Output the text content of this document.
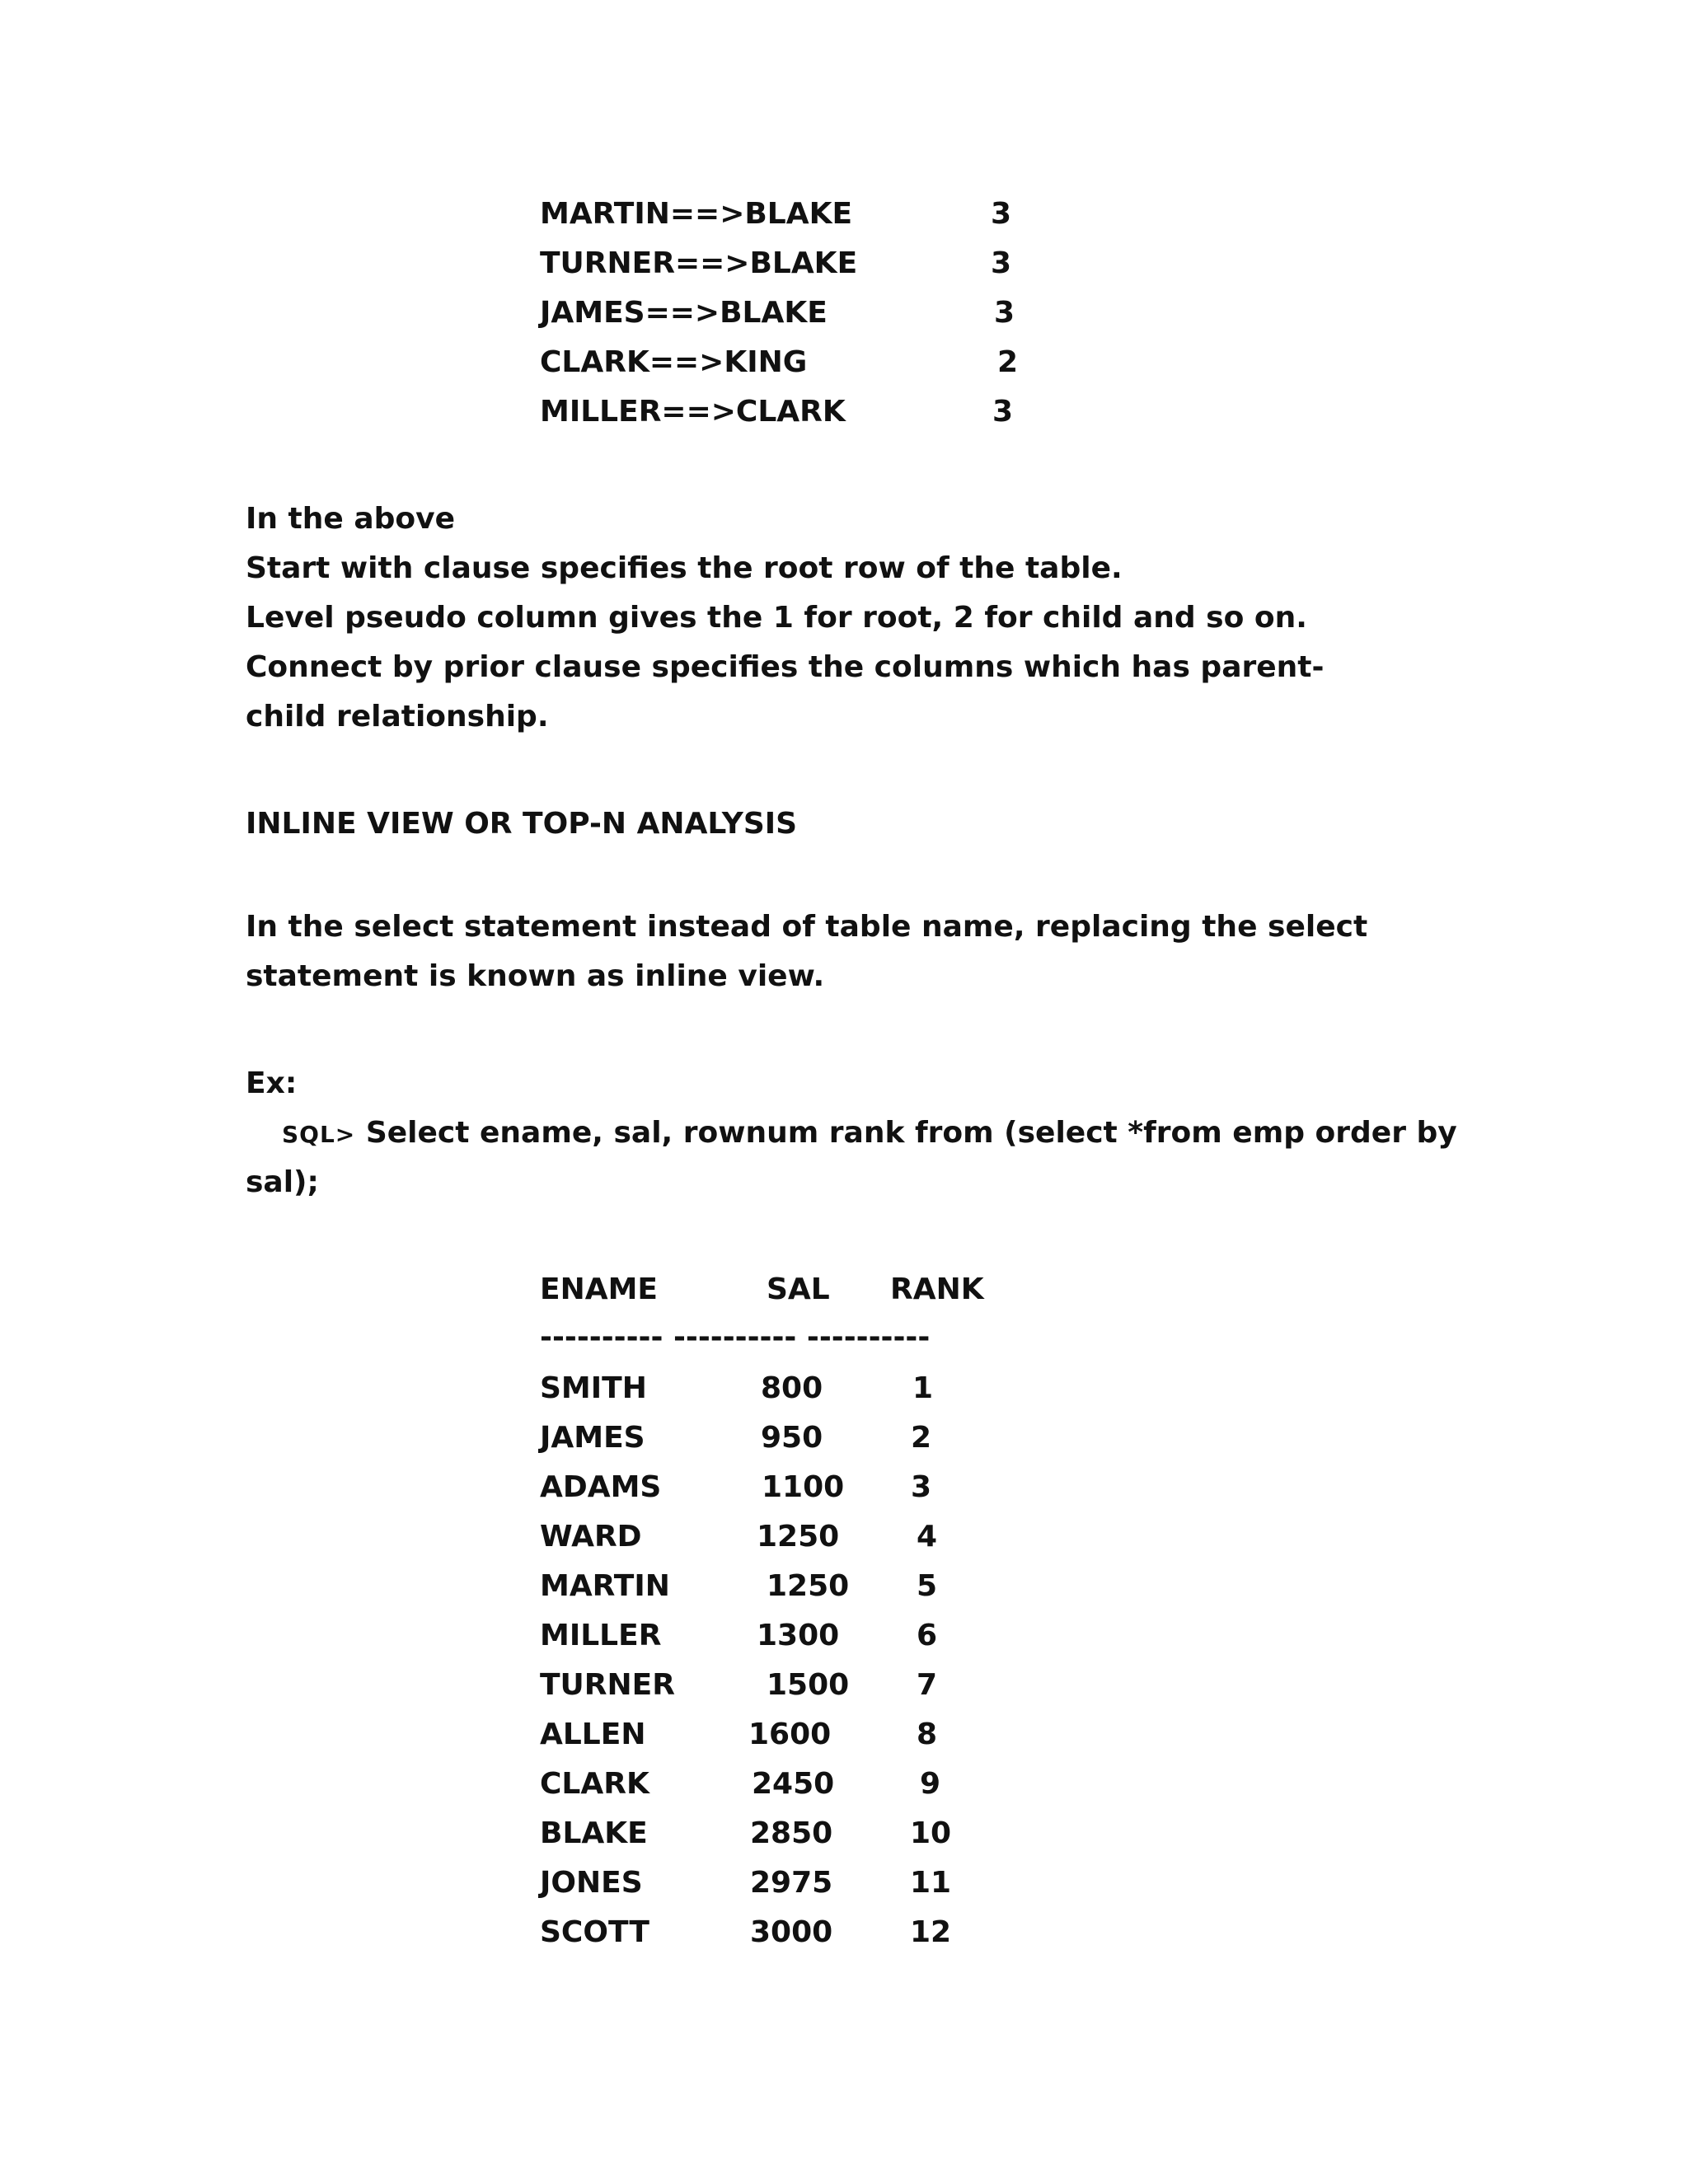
MARTIN==>BLAKE	3
TURNER==>BLAKE	3
JAMES==>BLAKE	3
CLARK==>KING	2
MILLER==>CLARK	3
In the above
Start with clause specifies the root row of the table.
Level pseudo column gives the 1 for root, 2 for child and so on.
Connect by prior clause specifies the columns which has parent-child relationship.
INLINE VIEW OR TOP-N ANALYSIS
In the select statement instead of table name, replacing the select statement is known as inline view.
Ex:
SQL> Select ename, sal, rownum rank from (select *from emp order by
sal);
ENAME	SAL RANK
---------- ---------- ----------
SMITH	800	1
JAMES	950	2
ADAMS	1100 3
WARD	1250	4
MARTIN	1250 5
MILLER	1300	6
TURNER	1500 7
ALLEN	1600	8
CLARK	2450	9
BLAKE	2850	10
JONES	2975	11
SCOTT	3000	12
